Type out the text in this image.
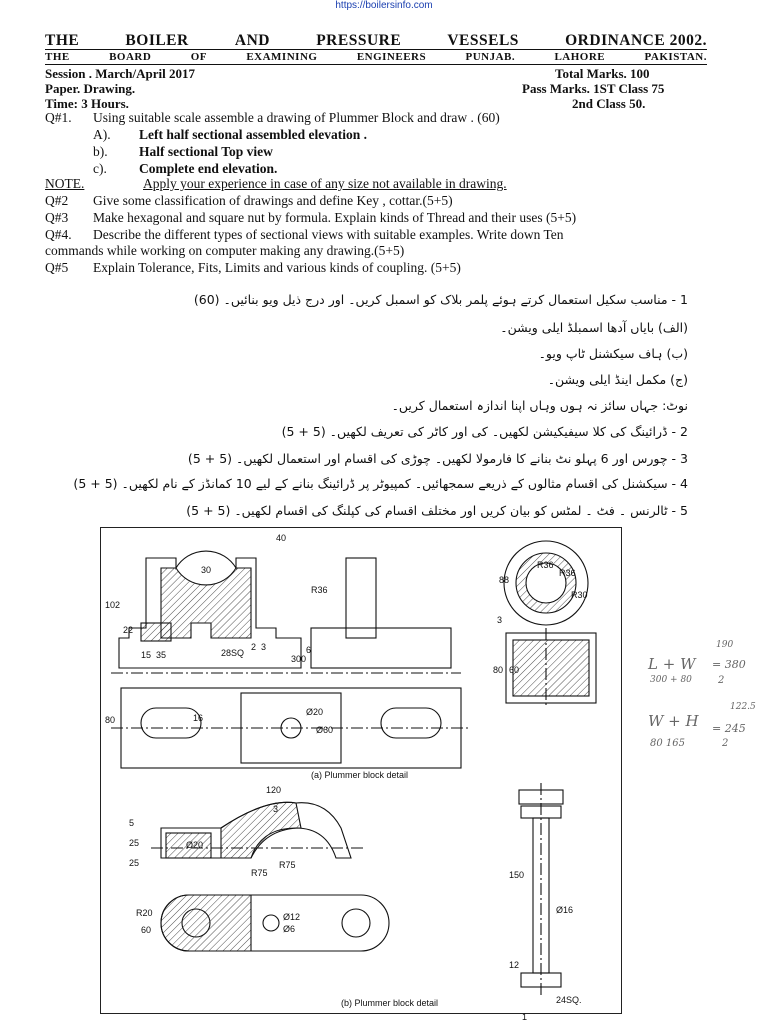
https://boilersinfo.com
THE	BOILER	AND	PRESSURE	VESSELS	ORDINANCE 2002.
THE	BOARD	OF	EXAMINING	ENGINEERS	PUNJAB.	LAHORE	PAKISTAN.
Session . March/April 2017
Paper. Drawing.
Time: 3 Hours.
Total Marks. 100
Pass Marks. 1ST Class 75
2nd Class 50.
Q#1. Using suitable scale assemble a drawing of Plummer Block and draw . (60)
A). Left half sectional assembled elevation .
b). Half sectional Top view
c). Complete end elevation.
NOTE.	Apply your experience in case of any size not available in drawing.
Q#2 Give some classification of drawings and define Key , cottar.(5+5)
Q#3 Make hexagonal and square nut by formula. Explain kinds of Thread and their uses (5+5)
Q#4. Describe the different types of sectional views with suitable examples. Write down Ten
commands while working on computer making any drawing.(5+5)
Q#5 Explain Tolerance, Fits, Limits and various kinds of coupling. (5+5)
1 - مناسب سکیل استعمال کرتے ہوئے پلمر بلاک کو اسمبل کریں۔ اور درج ذیل ویو بنائیں۔ (60)
(الف) بایاں آدھا اسمبلڈ ایلی ویشن۔
(ب) ہاف سیکشنل ٹاپ ویو۔
(ج) مکمل اینڈ ایلی ویشن۔
نوٹ: جہاں سائز نہ ہوں وہاں اپنا اندازہ استعمال کریں۔
2 - ڈرائینگ کی کلا سیفیکیشن لکھیں۔ کی اور کاٹر کی تعریف لکھیں۔ (5 + 5)
3 - چورس اور 6 پہلو نٹ بنانے کا فارمولا لکھیں۔ چوڑی کی اقسام اور استعمال لکھیں۔ (5 + 5)
4 - سیکشنل کی اقسام مثالوں کے ذریعے سمجھائیں۔ کمپیوٹر پر ڈرائینگ بنانے کے لیے 10 کمانڈز کے نام لکھیں۔ (5 + 5)
5 - ٹالرنس ۔ فٹ ۔ لمٹس کو بیان کریں اور مختلف اقسام کی کپلنگ کی اقسام لکھیں۔ (5 + 5)
40
30
102
R36
22
15 35	28SQ
2 3	6
300
80	16
Ø20
Ø60
88
R36
R36
R30
3
80 60
(a) Plummer block detail
120
3
5
25
25
Ø20
R75
R75
R20
60
Ø12
Ø6
150
Ø16
12
24SQ.
(b) Plummer block detail
L + W
190
300 + 80
= 380
2
W + H
122.5
80 165
= 245
2
1
